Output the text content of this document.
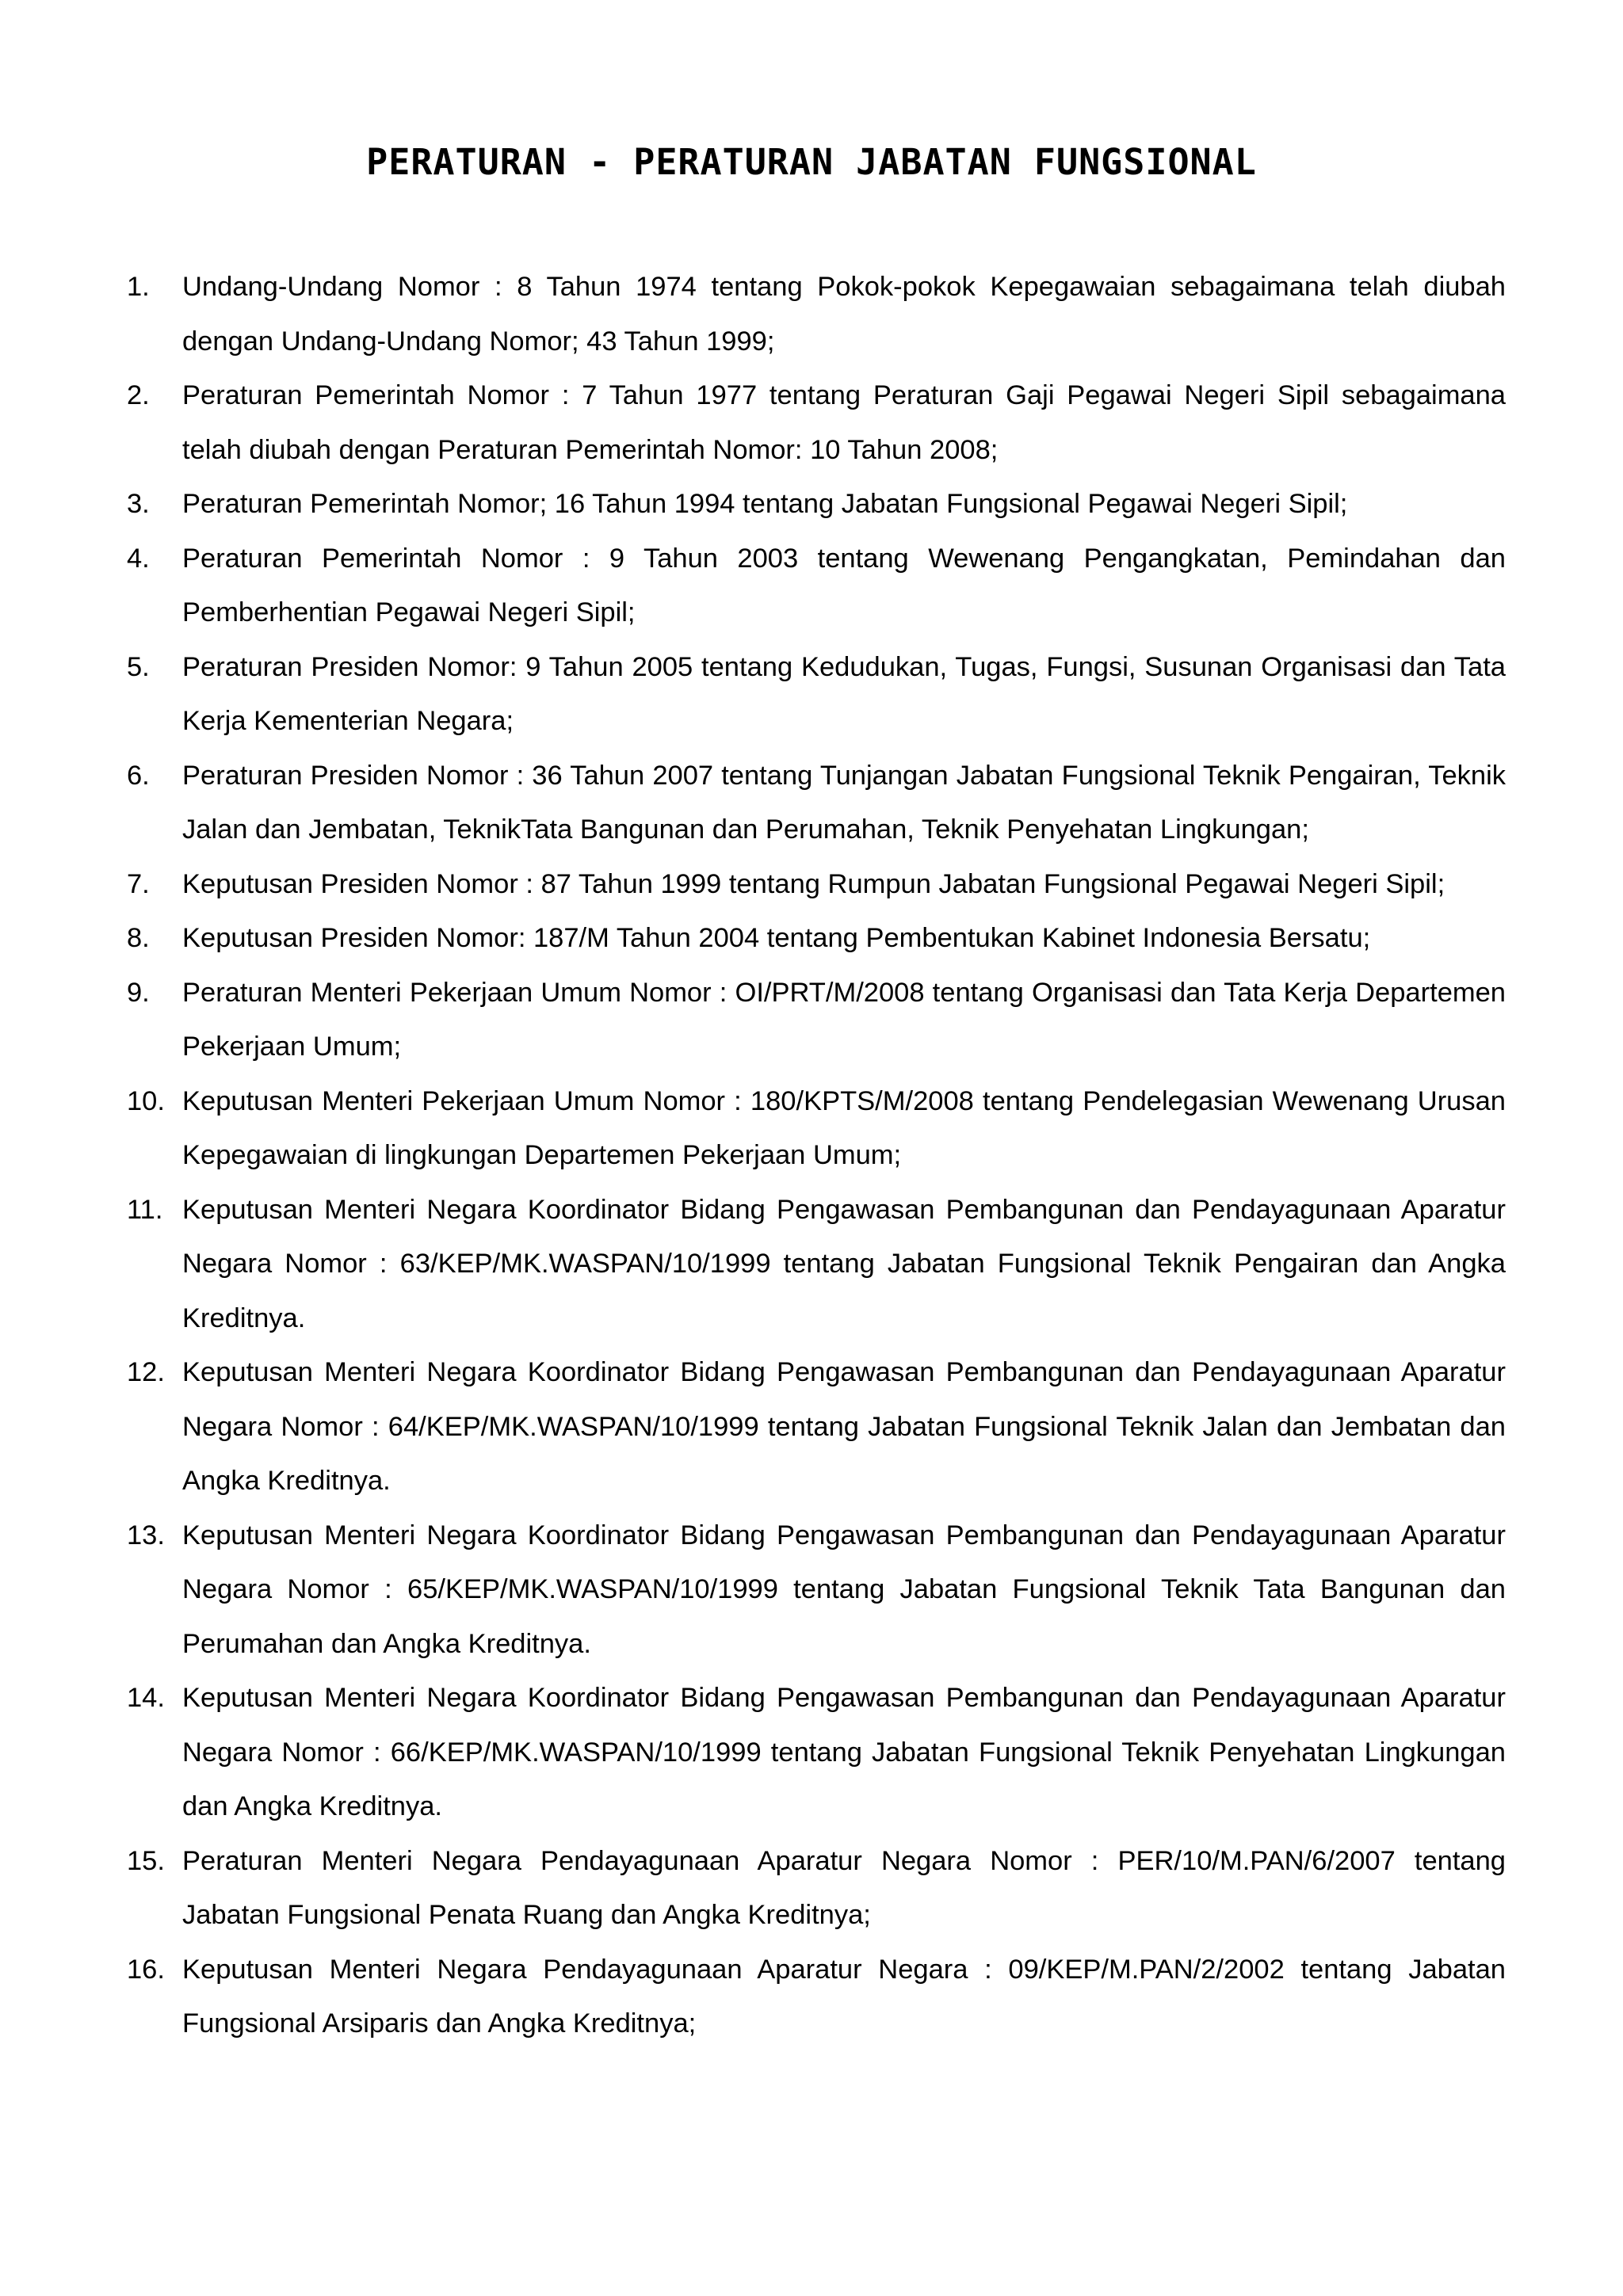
PERATURAN - PERATURAN JABATAN FUNGSIONAL
1.	Undang-Undang Nomor : 8 Tahun 1974 tentang Pokok-pokok Kepegawaian sebagaimana telah diubah dengan Undang-Undang Nomor; 43 Tahun 1999;
2.	Peraturan Pemerintah Nomor : 7 Tahun 1977 tentang Peraturan Gaji Pegawai Negeri Sipil sebagaimana telah diubah dengan Peraturan Pemerintah Nomor: 10 Tahun 2008;
3.	Peraturan Pemerintah Nomor; 16 Tahun 1994 tentang Jabatan Fungsional Pegawai Negeri Sipil;
4.	Peraturan Pemerintah Nomor : 9 Tahun 2003 tentang Wewenang Pengangkatan, Pemindahan dan Pemberhentian Pegawai Negeri Sipil;
5.	Peraturan Presiden Nomor: 9 Tahun 2005 tentang Kedudukan, Tugas, Fungsi, Susunan Organisasi dan Tata Kerja Kementerian Negara;
6.	Peraturan Presiden Nomor : 36 Tahun 2007 tentang Tunjangan Jabatan Fungsional Teknik Pengairan, Teknik Jalan dan Jembatan, TeknikTata Bangunan dan Perumahan, Teknik Penyehatan Lingkungan;
7.	Keputusan Presiden Nomor : 87 Tahun 1999 tentang Rumpun Jabatan Fungsional Pegawai Negeri Sipil;
8.	Keputusan Presiden Nomor: 187/M Tahun 2004 tentang Pembentukan Kabinet Indonesia Bersatu;
9.	Peraturan Menteri Pekerjaan Umum Nomor : OI/PRT/M/2008 tentang Organisasi dan Tata Kerja Departemen Pekerjaan Umum;
10. Keputusan Menteri Pekerjaan Umum Nomor : 180/KPTS/M/2008 tentang Pendelegasian Wewenang Urusan Kepegawaian di lingkungan Departemen Pekerjaan Umum;
11. Keputusan Menteri Negara Koordinator Bidang Pengawasan Pembangunan dan Pendayagunaan Aparatur Negara Nomor : 63/KEP/MK.WASPAN/10/1999 tentang Jabatan Fungsional Teknik Pengairan dan Angka Kreditnya.
12. Keputusan Menteri Negara Koordinator Bidang Pengawasan Pembangunan dan Pendayagunaan Aparatur Negara Nomor : 64/KEP/MK.WASPAN/10/1999 tentang Jabatan Fungsional Teknik Jalan dan Jembatan dan Angka Kreditnya.
13. Keputusan Menteri Negara Koordinator Bidang Pengawasan Pembangunan dan Pendayagunaan Aparatur Negara Nomor : 65/KEP/MK.WASPAN/10/1999 tentang Jabatan Fungsional Teknik Tata Bangunan dan Perumahan dan Angka Kreditnya.
14. Keputusan Menteri Negara Koordinator Bidang Pengawasan Pembangunan dan Pendayagunaan Aparatur Negara Nomor : 66/KEP/MK.WASPAN/10/1999 tentang Jabatan Fungsional Teknik Penyehatan Lingkungan dan Angka Kreditnya.
15. Peraturan Menteri Negara Pendayagunaan Aparatur Negara Nomor : PER/10/M.PAN/6/2007 tentang Jabatan Fungsional Penata Ruang dan Angka Kreditnya;
16. Keputusan Menteri Negara Pendayagunaan Aparatur Negara : 09/KEP/M.PAN/2/2002 tentang Jabatan Fungsional Arsiparis dan Angka Kreditnya;
